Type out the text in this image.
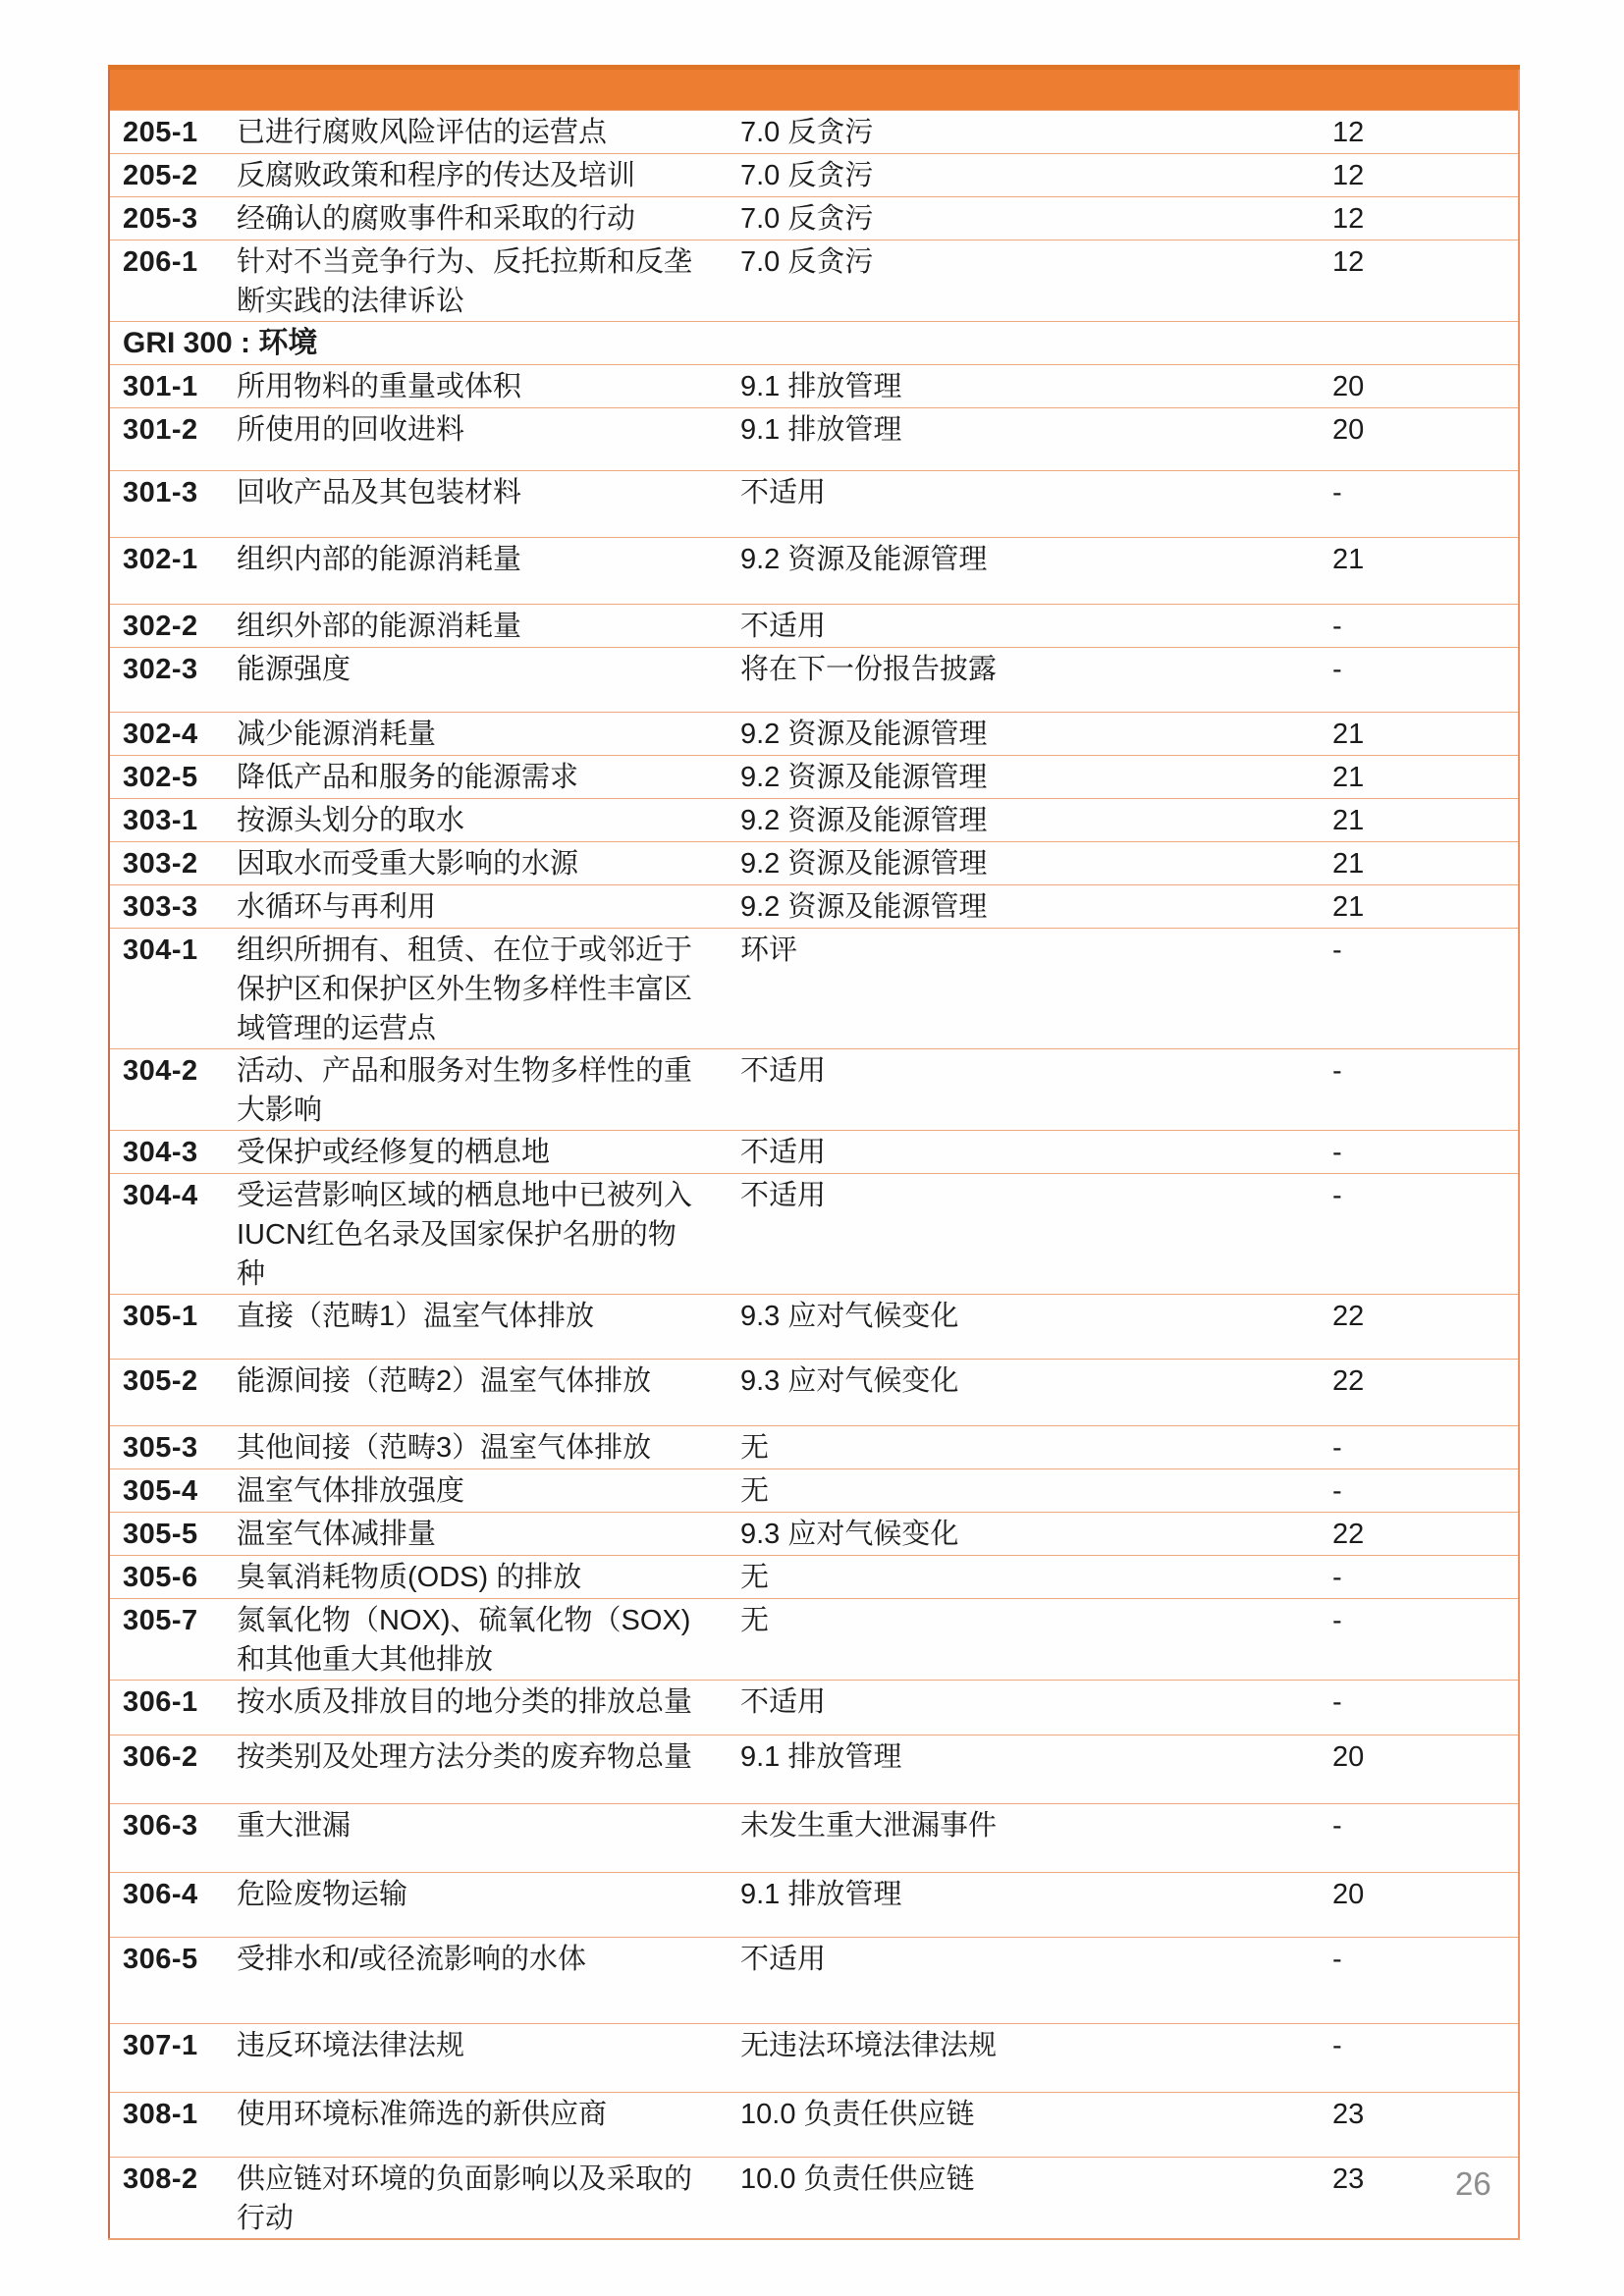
205-1	已进行腐败风险评估的运营点	7.0 反贪污	12
205-2	反腐败政策和程序的传达及培训	7.0 反贪污	12
205-3	经确认的腐败事件和采取的行动	7.0 反贪污	12
206-1	针对不当竞争行为、反托拉斯和反垄断实践的法律诉讼	7.0 反贪污	12
GRI 300 : 环境			
301-1	所用物料的重量或体积	9.1 排放管理	20
301-2	所使用的回收进料	9.1 排放管理	20
301-3	回收产品及其包装材料	不适用	-
302-1	组织内部的能源消耗量	9.2 资源及能源管理	21
302-2	组织外部的能源消耗量	不适用	-
302-3	能源强度	将在下一份报告披露	-
302-4	减少能源消耗量	9.2 资源及能源管理	21
302-5	降低产品和服务的能源需求	9.2 资源及能源管理	21
303-1	按源头划分的取水	9.2 资源及能源管理	21
303-2	因取水而受重大影响的水源	9.2 资源及能源管理	21
303-3	水循环与再利用	9.2 资源及能源管理	21
304-1	组织所拥有、租赁、在位于或邻近于保护区和保护区外生物多样性丰富区域管理的运营点	环评	-
304-2	活动、产品和服务对生物多样性的重大影响	不适用	-
304-3	受保护或经修复的栖息地	不适用	-
304-4	受运营影响区域的栖息地中已被列入IUCN红色名录及国家保护名册的物种	不适用	-
305-1	直接（范畴1）温室气体排放	9.3 应对气候变化	22
305-2	能源间接（范畴2）温室气体排放	9.3 应对气候变化	22
305-3	其他间接（范畴3）温室气体排放	无	-
305-4	温室气体排放强度	无	-
305-5	温室气体减排量	9.3 应对气候变化	22
305-6	臭氧消耗物质(ODS) 的排放	无	-
305-7	氮氧化物（NOX)、硫氧化物（SOX) 和其他重大其他排放	无	-
306-1	按水质及排放目的地分类的排放总量	不适用	-
306-2	按类别及处理方法分类的废弃物总量	9.1 排放管理	20
306-3	重大泄漏	未发生重大泄漏事件	-
306-4	危险废物运输	9.1 排放管理	20
306-5	受排水和/或径流影响的水体	不适用	-
307-1	违反环境法律法规	无违法环境法律法规	-
308-1	使用环境标准筛选的新供应商	10.0 负责任供应链	23
308-2	供应链对环境的负面影响以及采取的行动	10.0 负责任供应链	23	26
